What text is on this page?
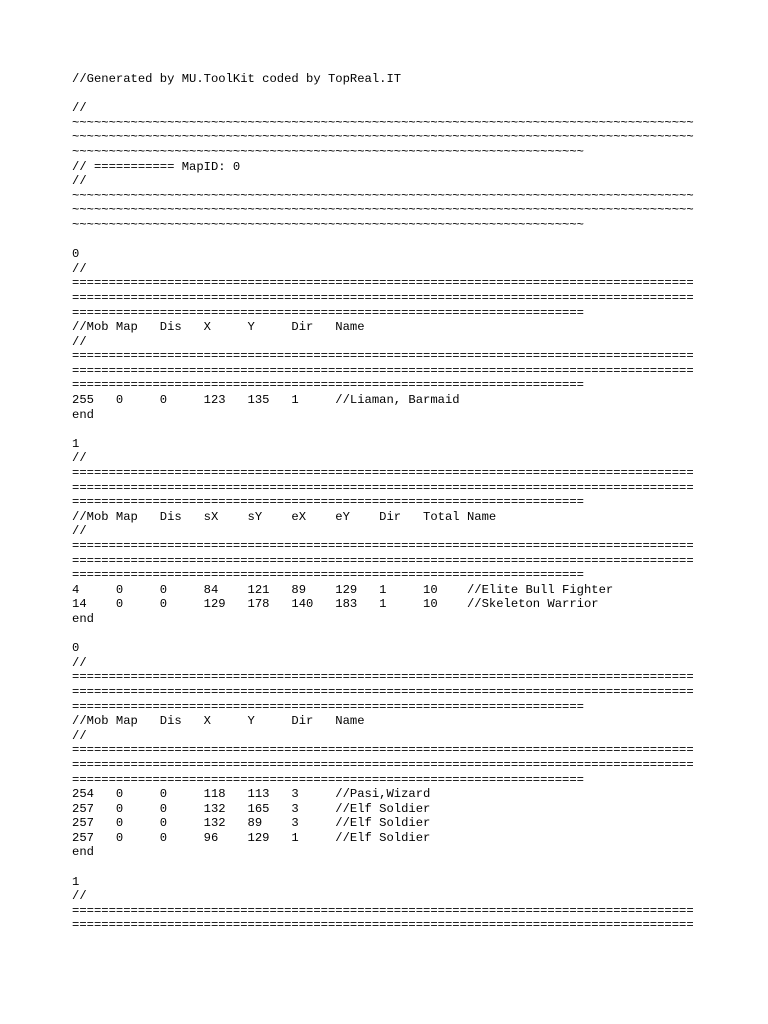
//Generated by MU.ToolKit coded by TopReal.IT
//
~~~~~~~~~~~~~~~~~~~~~~~~~~~~~~~~~~~~~~~~~~~~~~~~~~~~~~~~~~~~~~~~~~~~~~~~~~~~~~~~~~~~~
~~~~~~~~~~~~~~~~~~~~~~~~~~~~~~~~~~~~~~~~~~~~~~~~~~~~~~~~~~~~~~~~~~~~~~~~~~~~~~~~~~~~~
~~~~~~~~~~~~~~~~~~~~~~~~~~~~~~~~~~~~~~~~~~~~~~~~~~~~~~~~~~~~~~~~~~~~~~
// =========== MapID: 0
//
~~~~~~~~~~~~~~~~~~~~~~~~~~~~~~~~~~~~~~~~~~~~~~~~~~~~~~~~~~~~~~~~~~~~~~~~~~~~~~~~~~~~~
~~~~~~~~~~~~~~~~~~~~~~~~~~~~~~~~~~~~~~~~~~~~~~~~~~~~~~~~~~~~~~~~~~~~~~~~~~~~~~~~~~~~~
~~~~~~~~~~~~~~~~~~~~~~~~~~~~~~~~~~~~~~~~~~~~~~~~~~~~~~~~~~~~~~~~~~~~~~
0
//
=====================================================================================
=====================================================================================
======================================================================
//Mob Map   Dis   X     Y     Dir   Name
//
=====================================================================================
=====================================================================================
======================================================================
255   0     0     123   135   1     //Liaman, Barmaid
end
1
//
=====================================================================================
=====================================================================================
======================================================================
//Mob Map   Dis   sX    sY    eX    eY    Dir   Total Name
//
=====================================================================================
=====================================================================================
======================================================================
4     0     0     84    121   89    129   1     10    //Elite Bull Fighter
14    0     0     129   178   140   183   1     10    //Skeleton Warrior
end
0
//
=====================================================================================
=====================================================================================
======================================================================
//Mob Map   Dis   X     Y     Dir   Name
//
=====================================================================================
=====================================================================================
======================================================================
254   0     0     118   113   3     //Pasi,Wizard
257   0     0     132   165   3     //Elf Soldier
257   0     0     132   89    3     //Elf Soldier
257   0     0     96    129   1     //Elf Soldier
end
1
//
=====================================================================================
=====================================================================================
